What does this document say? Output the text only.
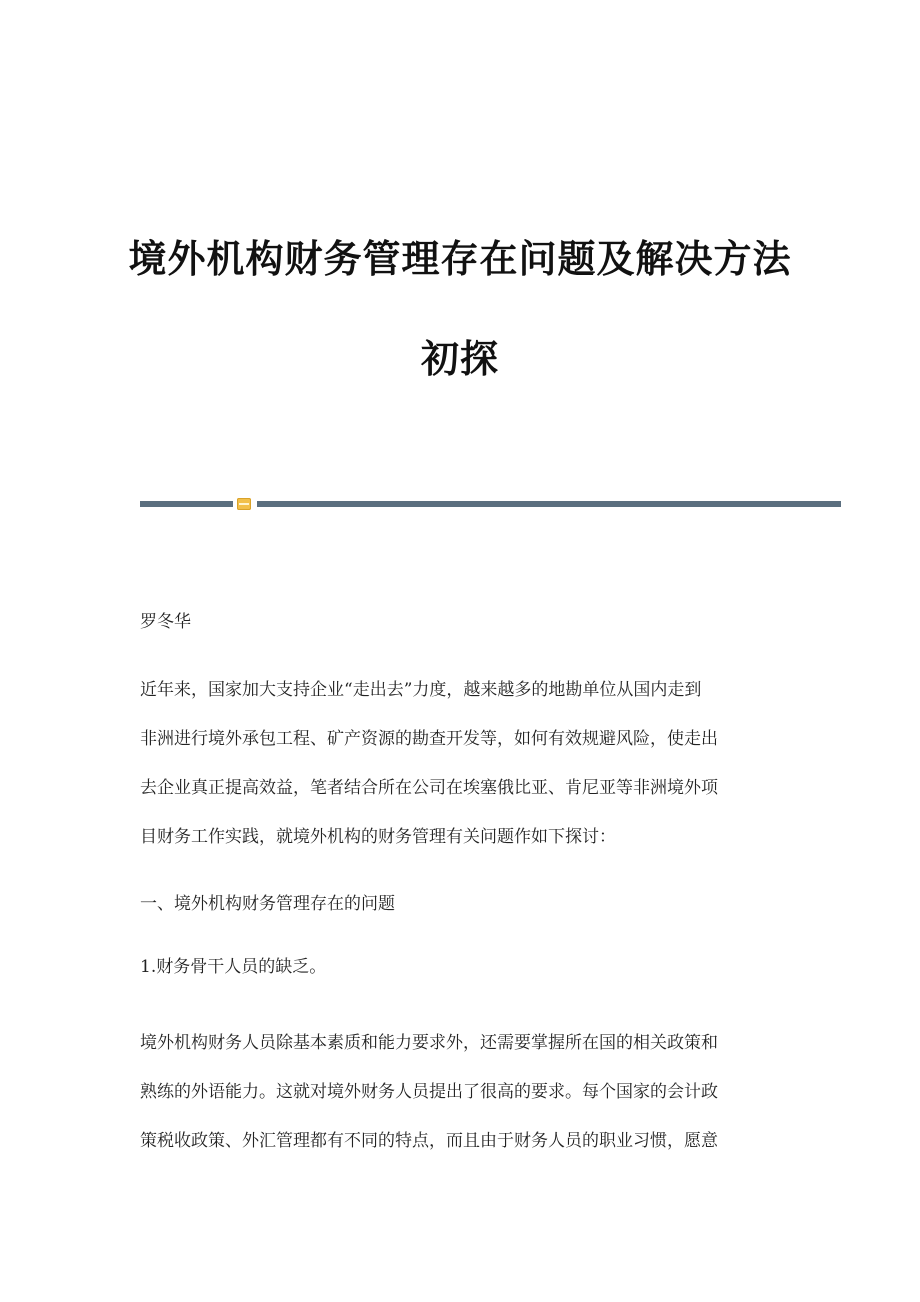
境外机构财务管理存在问题及解决方法
初探
罗冬华
近年来，国家加大支持企业“走出去”力度，越来越多的地勘单位从国内走到
非洲进行境外承包工程、矿产资源的勘查开发等，如何有效规避风险，使走出
去企业真正提高效益，笔者结合所在公司在埃塞俄比亚、肯尼亚等非洲境外项
目财务工作实践，就境外机构的财务管理有关问题作如下探讨：
一、境外机构财务管理存在的问题
1.财务骨干人员的缺乏。
境外机构财务人员除基本素质和能力要求外，还需要掌握所在国的相关政策和
熟练的外语能力。这就对境外财务人员提出了很高的要求。每个国家的会计政
策税收政策、外汇管理都有不同的特点，而且由于财务人员的职业习惯，愿意
